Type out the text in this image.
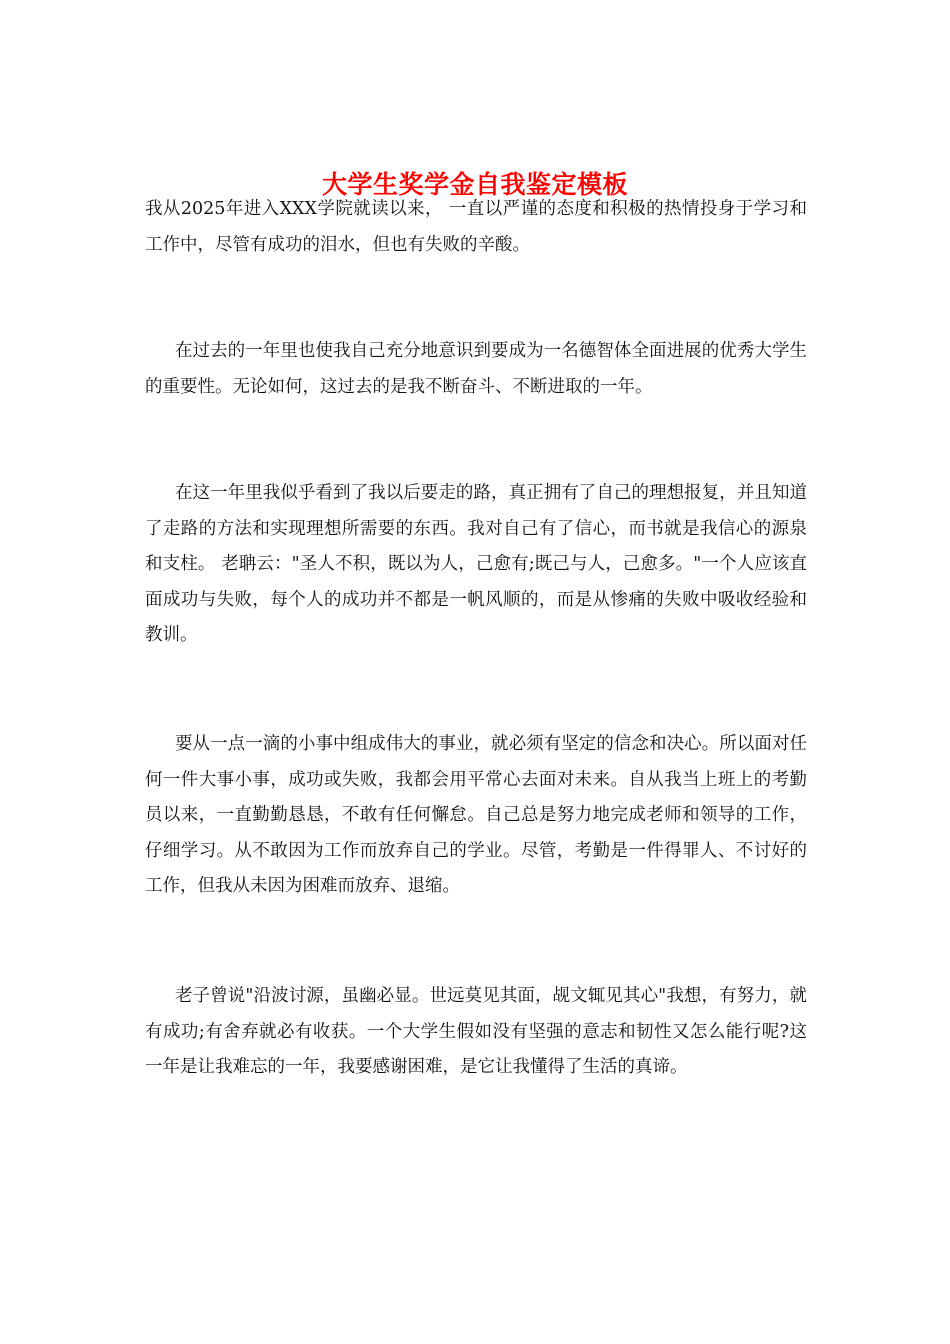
大学生奖学金自我鉴定模板

我从2025年进入XXX学院就读以来， 一直以严谨的态度和积极的热情投身于学习和工作中，尽管有成功的泪水，但也有失败的辛酸。

在过去的一年里也使我自己充分地意识到要成为一名德智体全面进展的优秀大学生的重要性。无论如何，这过去的是我不断奋斗、不断进取的一年。

在这一年里我似乎看到了我以后要走的路，真正拥有了自己的理想报复，并且知道了走路的方法和实现理想所需要的东西。我对自己有了信心，而书就是我信心的源泉和支柱。 老聃云："圣人不积，既以为人，己愈有;既己与人，己愈多。"一个人应该直面成功与失败，每个人的成功并不都是一帆风顺的，而是从惨痛的失败中吸收经验和教训。

要从一点一滴的小事中组成伟大的事业，就必须有坚定的信念和决心。所以面对任何一件大事小事，成功或失败，我都会用平常心去面对未来。自从我当上班上的考勤员以来，一直勤勤恳恳，不敢有任何懈怠。自己总是努力地完成老师和领导的工作，仔细学习。从不敢因为工作而放弃自己的学业。尽管，考勤是一件得罪人、不讨好的工作，但我从未因为困难而放弃、退缩。

老子曾说"沿波讨源，虽幽必显。世远莫见其面，觇文辄见其心"我想，有努力，就有成功;有舍弃就必有收获。一个大学生假如没有坚强的意志和韧性又怎么能行呢?这一年是让我难忘的一年，我要感谢困难，是它让我懂得了生活的真谛。
